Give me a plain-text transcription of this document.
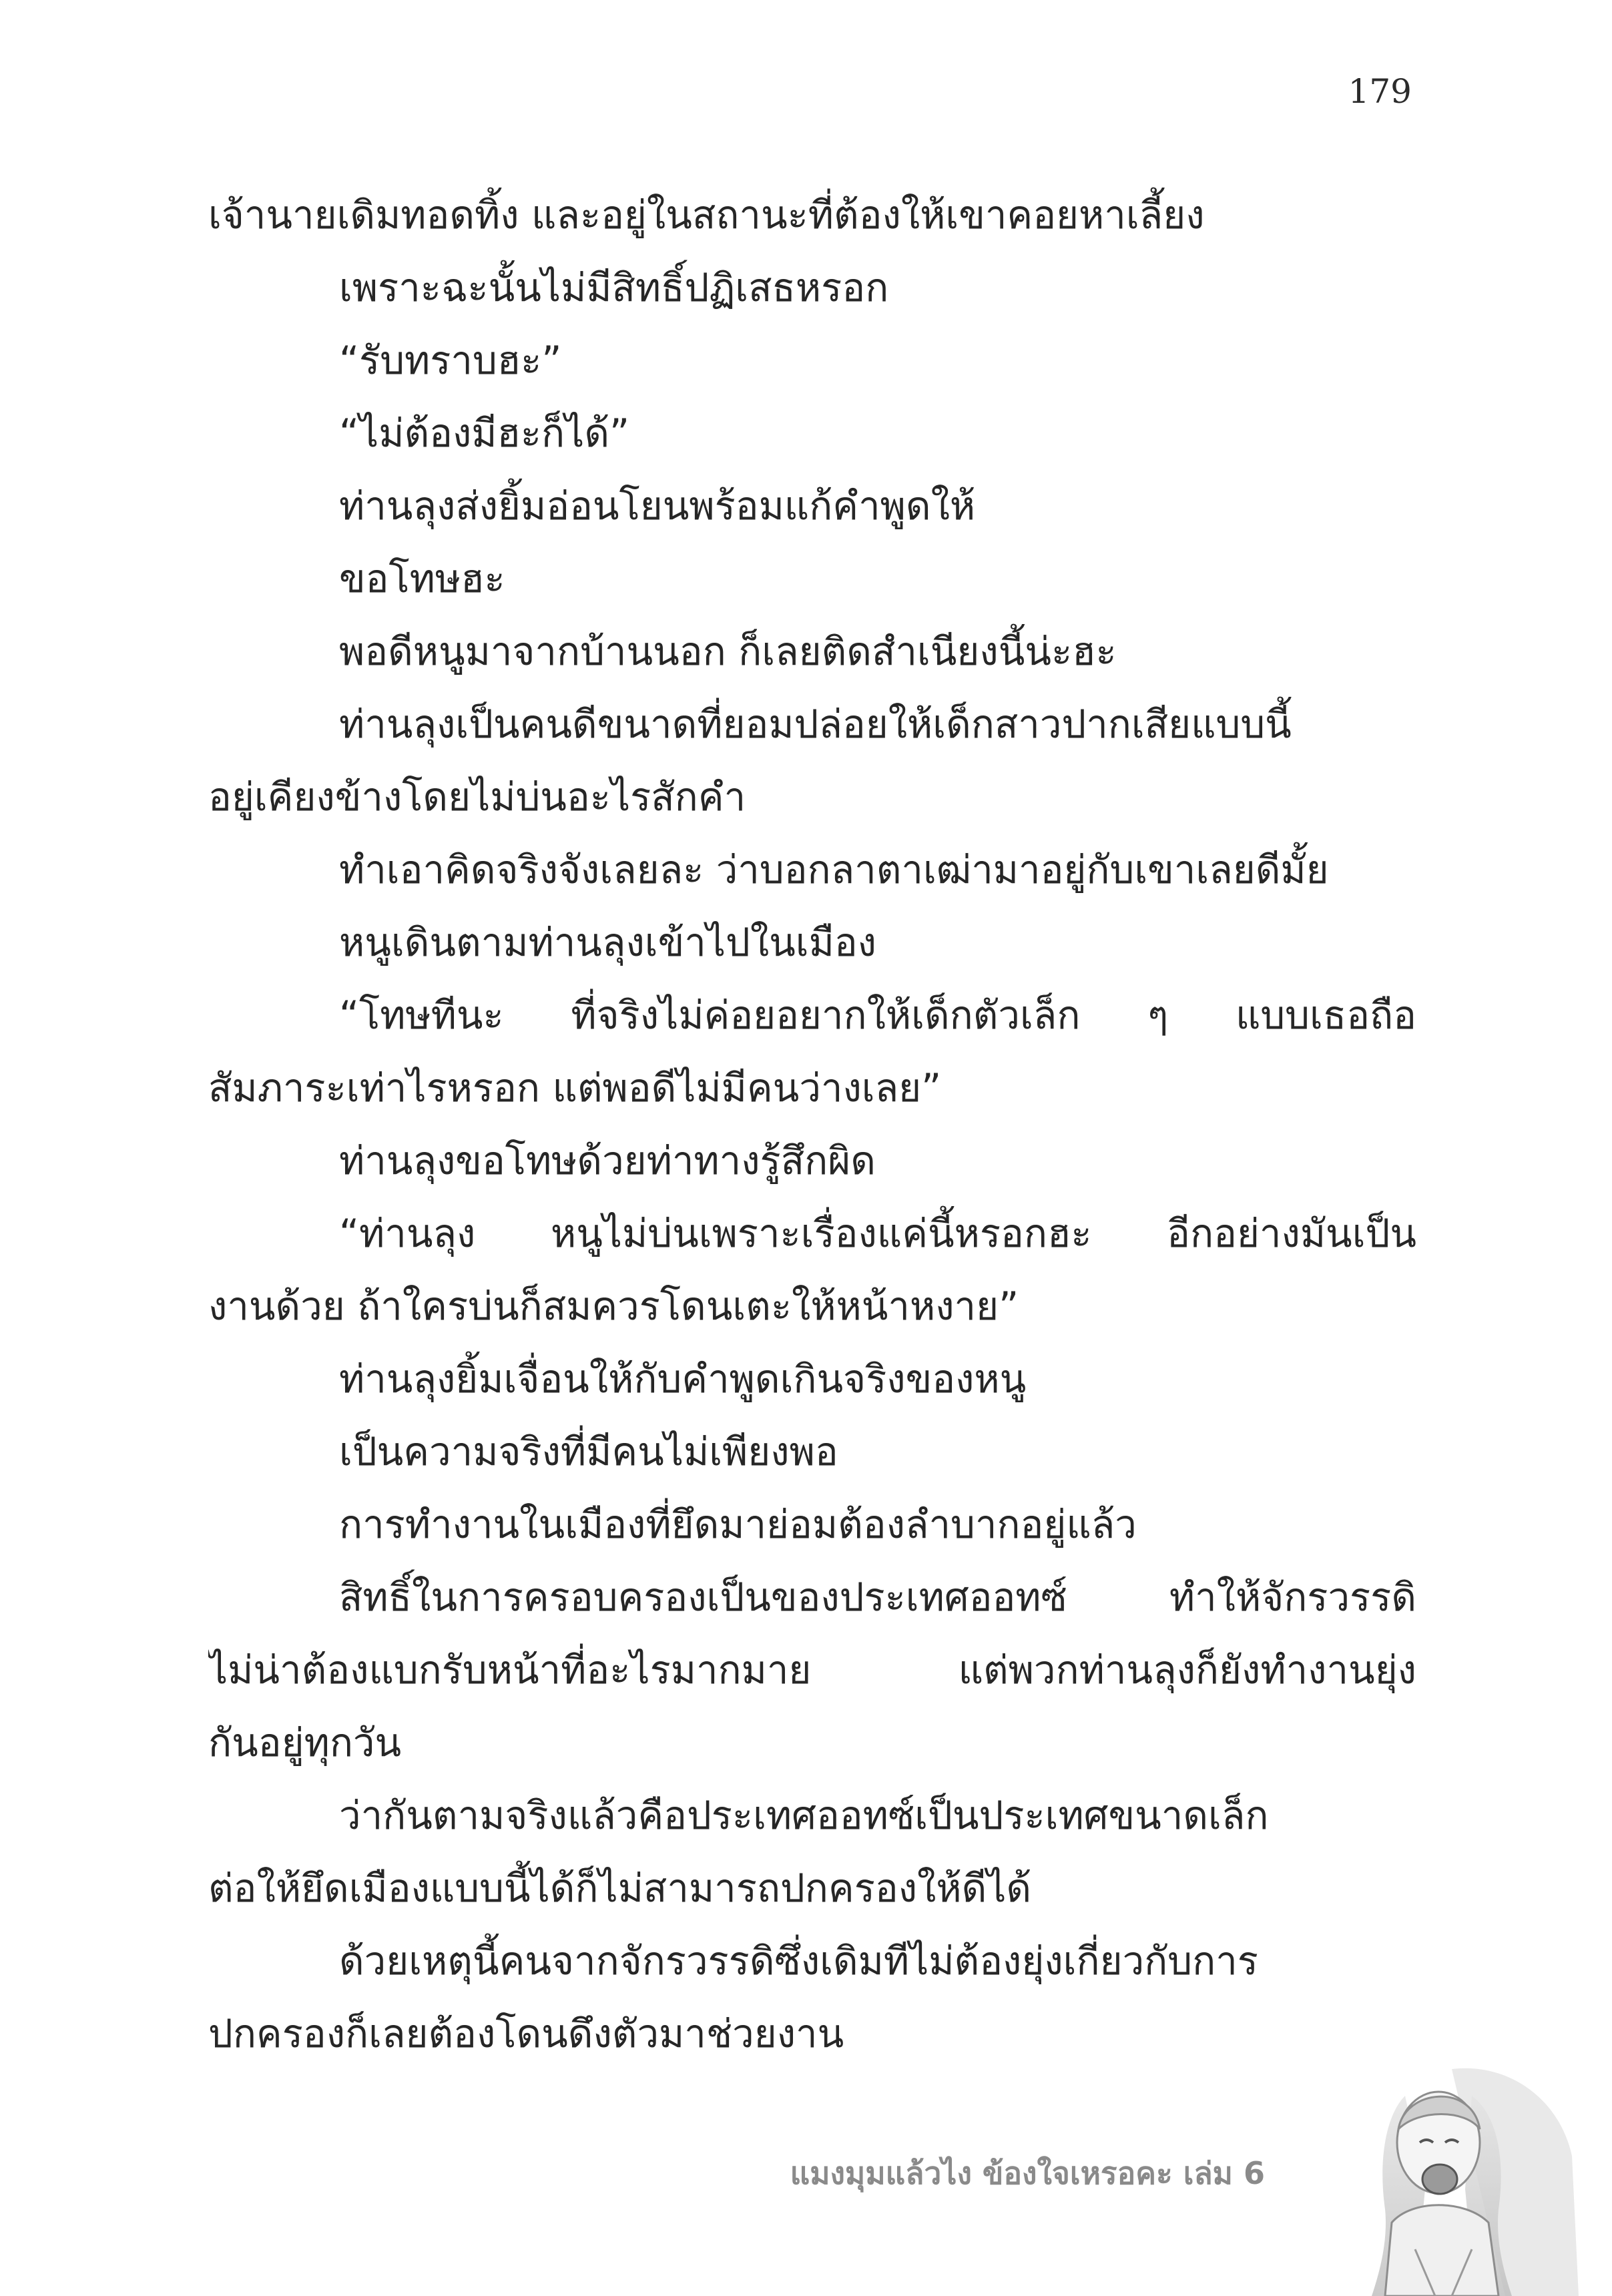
179

เจ้านายเดิมทอดทิ้ง และอยู่ในสถานะที่ต้องให้เขาคอยหาเลี้ยง

เพราะฉะนั้นไม่มีสิทธิ์ปฏิเสธหรอก

“รับทราบฮะ”

“ไม่ต้องมีฮะก็ได้”

ท่านลุงส่งยิ้มอ่อนโยนพร้อมแก้คำพูดให้

ขอโทษฮะ

พอดีหนูมาจากบ้านนอก ก็เลยติดสำเนียงนี้น่ะฮะ

ท่านลุงเป็นคนดีขนาดที่ยอมปล่อยให้เด็กสาวปากเสียแบบนี้

อยู่เคียงข้างโดยไม่บ่นอะไรสักคำ

ทำเอาคิดจริงจังเลยละ ว่าบอกลาตาเฒ่ามาอยู่กับเขาเลยดีมั้ย

หนูเดินตามท่านลุงเข้าไปในเมือง

“โทษทีนะ ที่จริงไม่ค่อยอยากให้เด็กตัวเล็ก ๆ แบบเธอถือ

สัมภาระเท่าไรหรอก แต่พอดีไม่มีคนว่างเลย”

ท่านลุงขอโทษด้วยท่าทางรู้สึกผิด

“ท่านลุง หนูไม่บ่นเพราะเรื่องแค่นี้หรอกฮะ อีกอย่างมันเป็น

งานด้วย ถ้าใครบ่นก็สมควรโดนเตะให้หน้าหงาย”

ท่านลุงยิ้มเจื่อนให้กับคำพูดเกินจริงของหนู

เป็นความจริงที่มีคนไม่เพียงพอ

การทำงานในเมืองที่ยึดมาย่อมต้องลำบากอยู่แล้ว

สิทธิ์ในการครอบครองเป็นของประเทศออทซ์ ทำให้จักรวรรดิ

ไม่น่าต้องแบกรับหน้าที่อะไรมากมาย แต่พวกท่านลุงก็ยังทำงานยุ่ง

กันอยู่ทุกวัน

ว่ากันตามจริงแล้วคือประเทศออทซ์เป็นประเทศขนาดเล็ก

ต่อให้ยึดเมืองแบบนี้ได้ก็ไม่สามารถปกครองให้ดีได้

ด้วยเหตุนี้คนจากจักรวรรดิซึ่งเดิมทีไม่ต้องยุ่งเกี่ยวกับการ

ปกครองก็เลยต้องโดนดึงตัวมาช่วยงาน

แมงมุมแล้วไง ข้องใจเหรอคะ เล่ม 6
